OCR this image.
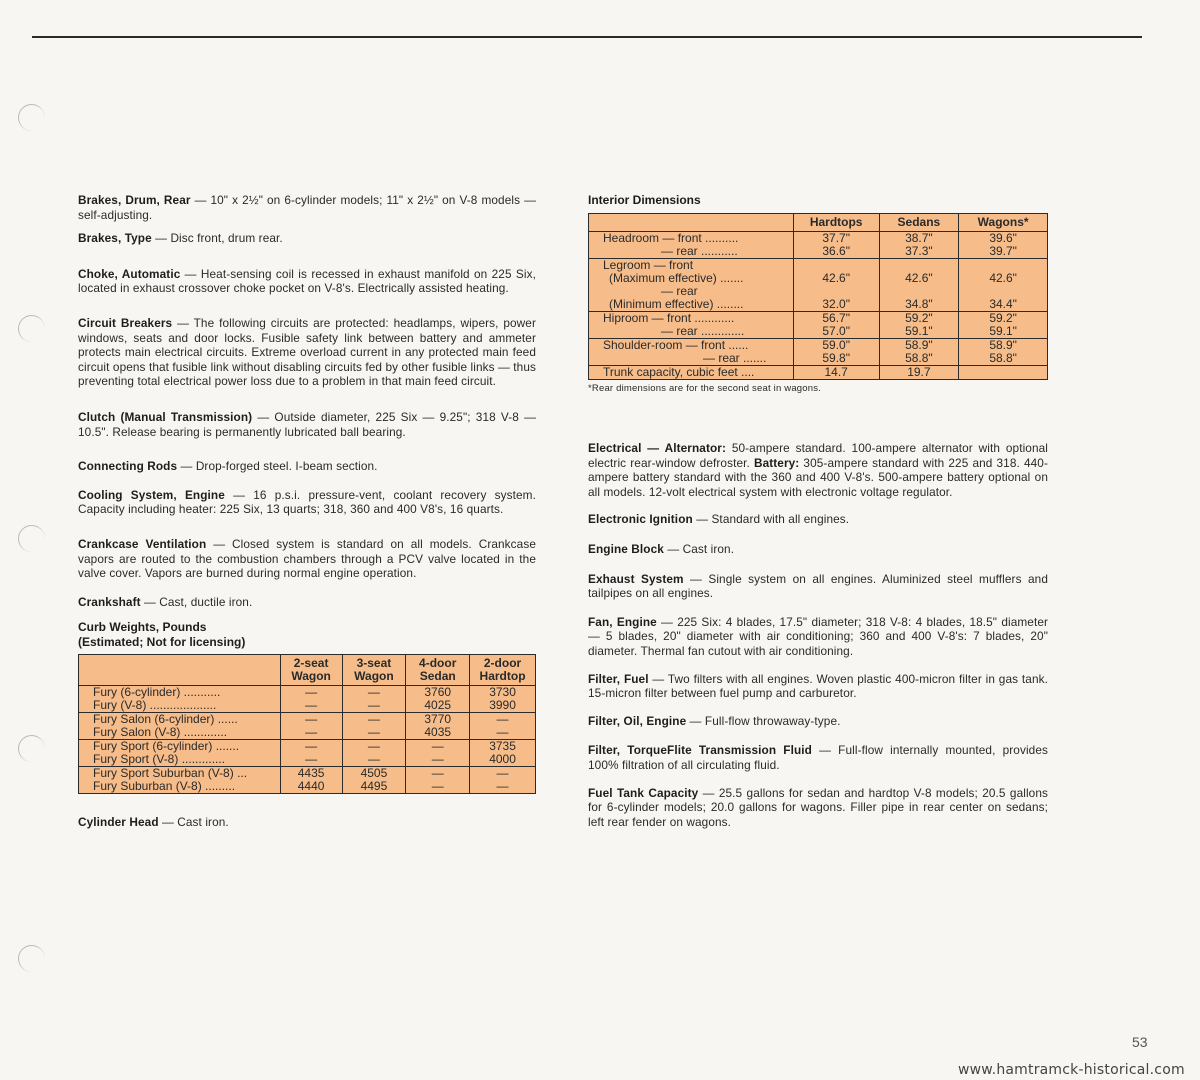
Brakes, Drum, Rear — 10" x 2½" on 6-cylinder models; 11" x 2½" on V-8 models — self-adjusting.

Brakes, Type — Disc front, drum rear.

Choke, Automatic — Heat-sensing coil is recessed in exhaust manifold on 225 Six, located in exhaust crossover choke pocket on V-8's. Electrically assisted heating.

Circuit Breakers — The following circuits are protected: headlamps, wipers, power windows, seats and door locks. Fusible safety link between battery and ammeter protects main electrical circuits. Extreme overload current in any protected main feed circuit opens that fusible link without disabling circuits fed by other fusible links — thus preventing total electrical power loss due to a problem in that main feed circuit.

Clutch (Manual Transmission) — Outside diameter, 225 Six — 9.25"; 318 V-8 — 10.5". Release bearing is permanently lubricated ball bearing.

Connecting Rods — Drop-forged steel. I-beam section.

Cooling System, Engine — 16 p.s.i. pressure-vent, coolant recovery system. Capacity including heater: 225 Six, 13 quarts; 318, 360 and 400 V8's, 16 quarts.

Crankcase Ventilation — Closed system is standard on all models. Crankcase vapors are routed to the combustion chambers through a PCV valve located in the valve cover. Vapors are burned during normal engine operation.

Crankshaft — Cast, ductile iron.

Curb Weights, Pounds
(Estimated; Not for licensing)

	2-seat
Wagon	3-seat
Wagon	4-door
Sedan	2-door
Hardtop

Fury (6-cylinder) ...........
Fury (V-8) ....................	—
—	—
—	3760
4025	3730
3990

Fury Salon (6-cylinder) ......
Fury Salon (V-8) .............	—
—	—
—	3770
4035	—
—

Fury Sport (6-cylinder) .......
Fury Sport (V-8) .............	—
—	—
—	—
—	3735
4000

Fury Sport Suburban (V-8) ...
Fury Suburban (V-8) .........	4435
4440	4505
4495	—
—	—
—

Cylinder Head — Cast iron.

Interior Dimensions
	Hardtops	Sedans	Wagons*

Headroom — front ..........
— rear ...........	37.7"
36.6"	38.7"
37.3"	39.6"
39.7"

Legroom — front
(Maximum effective) .......
— rear
(Minimum effective) ........	42.6"
32.0"	42.6"
34.8"	42.6"
34.4"

Hiproom — front ............
— rear .............	56.7"
57.0"	59.2"
59.1"	59.2"
59.1"

Shoulder-room — front ......
— rear .......	59.0"
59.8"	58.9"
58.8"	58.9"
58.8"

Trunk capacity, cubic feet ....	14.7	19.7	

*Rear dimensions are for the second seat in wagons.

Electrical — Alternator: 50-ampere standard. 100-ampere alternator with optional electric rear-window defroster. Battery: 305-ampere standard with 225 and 318. 440-ampere battery standard with the 360 and 400 V-8's. 500-ampere battery optional on all models. 12-volt electrical system with electronic voltage regulator.

Electronic Ignition — Standard with all engines.

Engine Block — Cast iron.

Exhaust System — Single system on all engines. Aluminized steel mufflers and tailpipes on all engines.

Fan, Engine — 225 Six: 4 blades, 17.5" diameter; 318 V-8: 4 blades, 18.5" diameter — 5 blades, 20" diameter with air conditioning; 360 and 400 V-8's: 7 blades, 20" diameter. Thermal fan cutout with air conditioning.

Filter, Fuel — Two filters with all engines. Woven plastic 400-micron filter in gas tank. 15-micron filter between fuel pump and carburetor.

Filter, Oil, Engine — Full-flow throwaway-type.

Filter, TorqueFlite Transmission Fluid — Full-flow internally mounted, provides 100% filtration of all circulating fluid.

Fuel Tank Capacity — 25.5 gallons for sedan and hardtop V-8 models; 20.5 gallons for 6-cylinder models; 20.0 gallons for wagons. Filler pipe in rear center on sedans; left rear fender on wagons.

53
www.hamtramck-historical.com
